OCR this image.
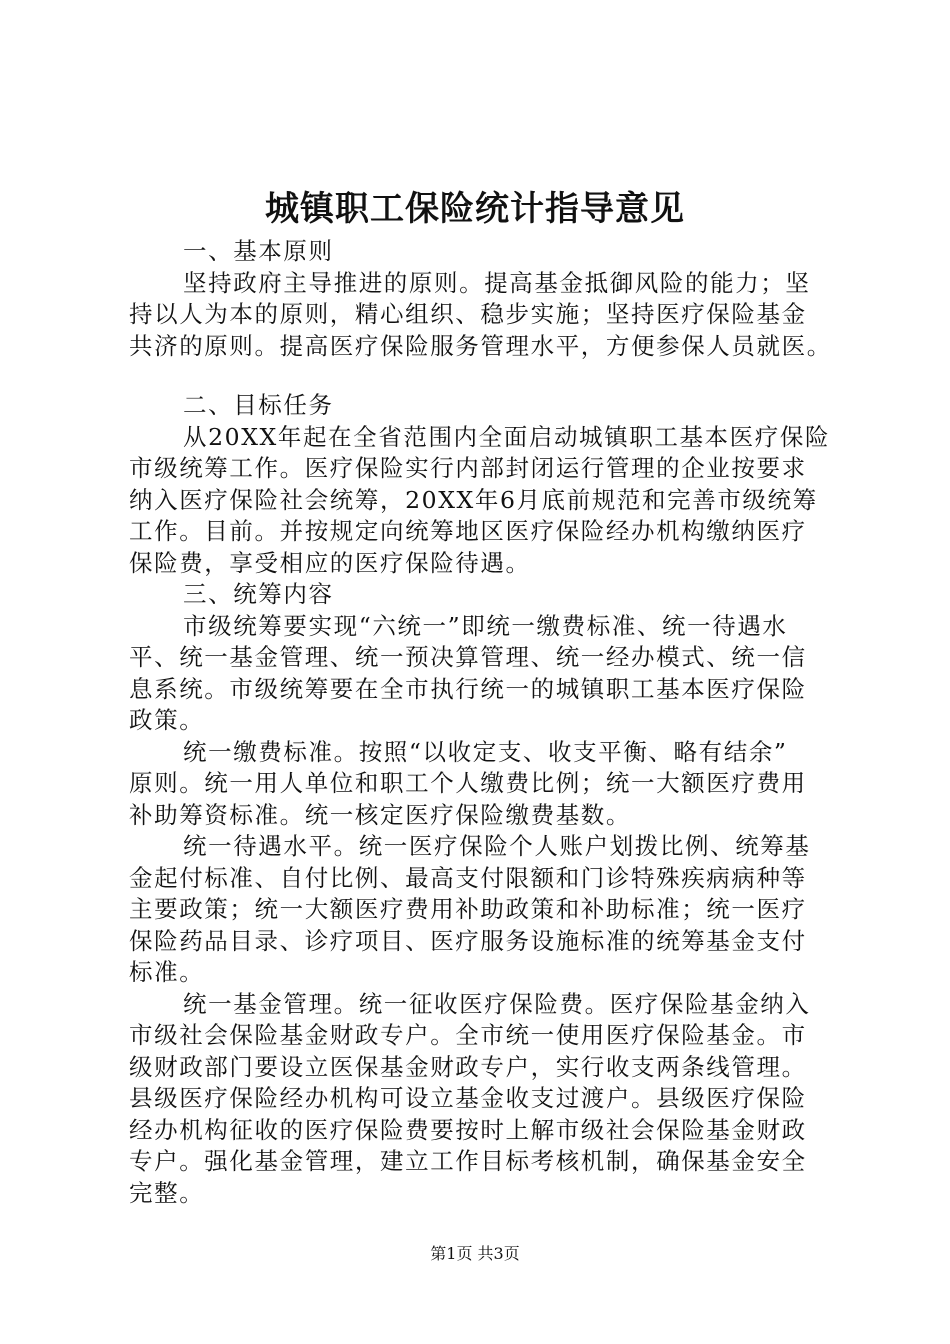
城镇职工保险统计指导意见
一、基本原则
坚持政府主导推进的原则。提高基金抵御风险的能力；坚
持以人为本的原则，精心组织、稳步实施；坚持医疗保险基金
共济的原则。提高医疗保险服务管理水平，方便参保人员就医。
二、目标任务
从20XX年起在全省范围内全面启动城镇职工基本医疗保险
市级统筹工作。医疗保险实行内部封闭运行管理的企业按要求
纳入医疗保险社会统筹，20XX年6月底前规范和完善市级统筹
工作。目前。并按规定向统筹地区医疗保险经办机构缴纳医疗
保险费，享受相应的医疗保险待遇。
三、统筹内容
市级统筹要实现“六统一”即统一缴费标准、统一待遇水
平、统一基金管理、统一预决算管理、统一经办模式、统一信
息系统。市级统筹要在全市执行统一的城镇职工基本医疗保险
政策。
统一缴费标准。按照“以收定支、收支平衡、略有结余”
原则。统一用人单位和职工个人缴费比例；统一大额医疗费用
补助筹资标准。统一核定医疗保险缴费基数。
统一待遇水平。统一医疗保险个人账户划拨比例、统筹基
金起付标准、自付比例、最高支付限额和门诊特殊疾病病种等
主要政策；统一大额医疗费用补助政策和补助标准；统一医疗
保险药品目录、诊疗项目、医疗服务设施标准的统筹基金支付
标准。
统一基金管理。统一征收医疗保险费。医疗保险基金纳入
市级社会保险基金财政专户。全市统一使用医疗保险基金。市
级财政部门要设立医保基金财政专户，实行收支两条线管理。
县级医疗保险经办机构可设立基金收支过渡户。县级医疗保险
经办机构征收的医疗保险费要按时上解市级社会保险基金财政
专户。强化基金管理，建立工作目标考核机制，确保基金安全
完整。
第1页 共3页
